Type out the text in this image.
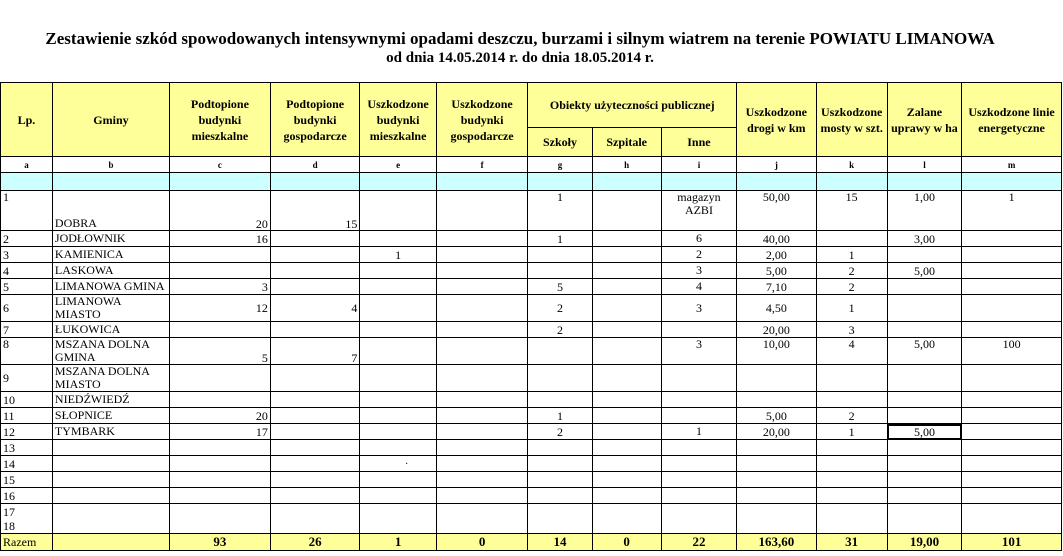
Zestawienie szkód spowodowanych intensywnymi opadami deszczu, burzami i silnym wiatrem na terenie POWIATU LIMANOWA
od dnia 14.05.2014 r. do dnia 18.05.2014 r.
Lp.	Gminy	Podtopione budynki mieszkalne	Podtopione budynki gospodarcze	Uszkodzone budynki mieszkalne	Uszkodzone budynki gospodarcze	Obiekty użyteczności publicznej			Uszkodzone drogi w km	Uszkodzone mosty w szt.	Zalane uprawy w ha	Uszkodzone linie energetyczne
						Szkoły	Szpitale	Inne				
a	b	c	d	e	f	g	h	i	j	k	l	m

1	DOBRA	20	15			1		magazyn AZBI	50,00	15	1,00	1
2	JODŁOWNIK	16				1		6	40,00		3,00	
3	KAMIENICA			1				2	2,00	1		
4	LASKOWA							3	5,00	2	5,00	
5	LIMANOWA GMINA	3				5		4	7,10	2		
6	LIMANOWA MIASTO	12	4			2		3	4,50	1		
7	ŁUKOWICA					2			20,00	3		
8	MSZANA DOLNA GMINA	5	7					3	10,00	4	5,00	100
9	MSZANA DOLNA MIASTO											
10	NIEDŹWIEDŹ											
11	SŁOPNICE	20				1			5,00	2		
12	TYMBARK	17				2		1	20,00	1	5,00	
13												
14												
15												
16												
17
18												
Razem		93	26	1	0	14	0	22	163,60	31	19,00	101
·
